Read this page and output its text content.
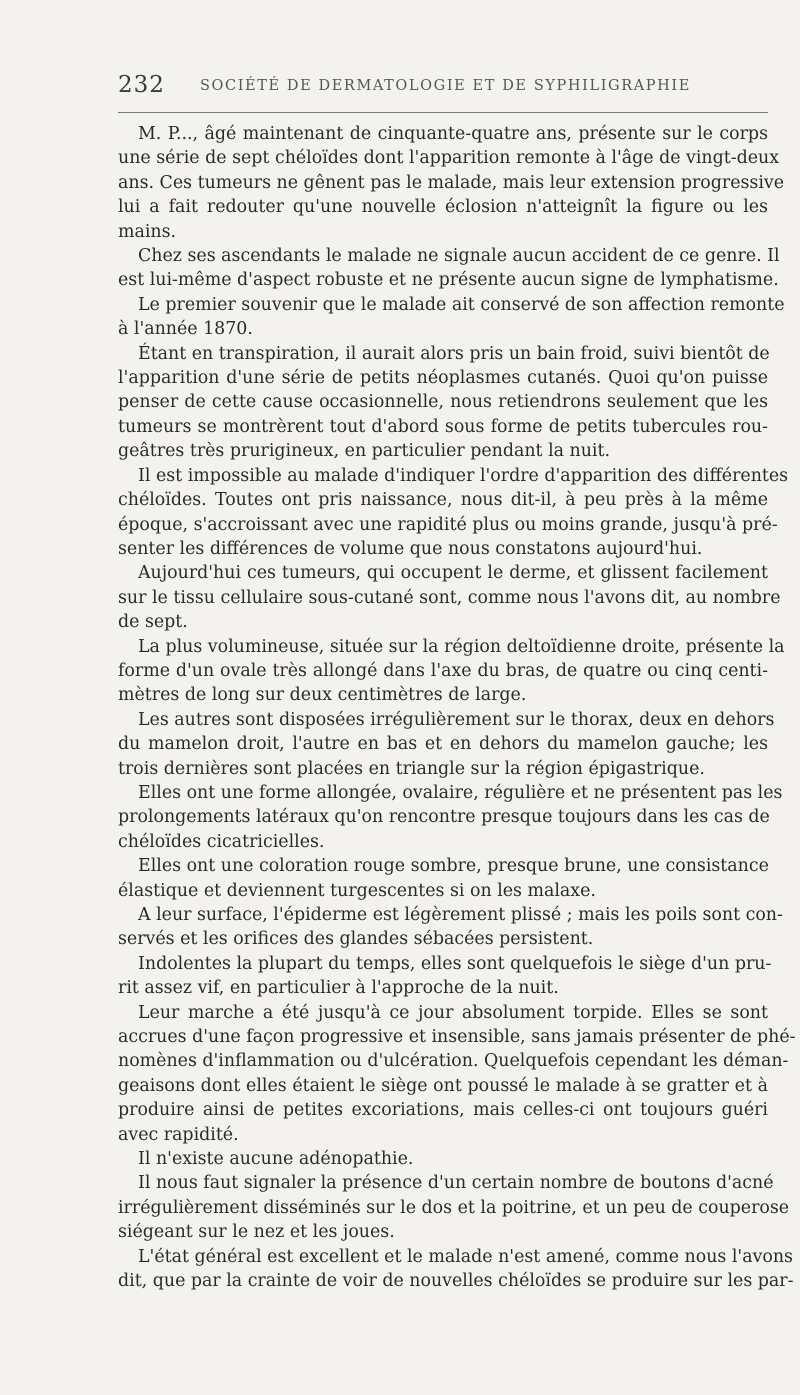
232 SOCIÉTÉ DE DERMATOLOGIE ET DE SYPHILIGRAPHIE

M. P..., âgé maintenant de cinquante-quatre ans, présente sur le corps
une série de sept chéloïdes dont l'apparition remonte à l'âge de vingt-deux
ans. Ces tumeurs ne gênent pas le malade, mais leur extension progressive
lui a fait redouter qu'une nouvelle éclosion n'atteignît la figure ou les
mains.

Chez ses ascendants le malade ne signale aucun accident de ce genre. Il
est lui-même d'aspect robuste et ne présente aucun signe de lymphatisme.

Le premier souvenir que le malade ait conservé de son affection remonte
à l'année 1870.

Étant en transpiration, il aurait alors pris un bain froid, suivi bientôt de
l'apparition d'une série de petits néoplasmes cutanés. Quoi qu'on puisse
penser de cette cause occasionnelle, nous retiendrons seulement que les
tumeurs se montrèrent tout d'abord sous forme de petits tubercules rou-
geâtres très prurigineux, en particulier pendant la nuit.

Il est impossible au malade d'indiquer l'ordre d'apparition des différentes
chéloïdes. Toutes ont pris naissance, nous dit-il, à peu près à la même
époque, s'accroissant avec une rapidité plus ou moins grande, jusqu'à pré-
senter les différences de volume que nous constatons aujourd'hui.

Aujourd'hui ces tumeurs, qui occupent le derme, et glissent facilement
sur le tissu cellulaire sous-cutané sont, comme nous l'avons dit, au nombre
de sept.

La plus volumineuse, située sur la région deltoïdienne droite, présente la
forme d'un ovale très allongé dans l'axe du bras, de quatre ou cinq centi-
mètres de long sur deux centimètres de large.

Les autres sont disposées irrégulièrement sur le thorax, deux en dehors
du mamelon droit, l'autre en bas et en dehors du mamelon gauche; les
trois dernières sont placées en triangle sur la région épigastrique.

Elles ont une forme allongée, ovalaire, régulière et ne présentent pas les
prolongements latéraux qu'on rencontre presque toujours dans les cas de
chéloïdes cicatricielles.

Elles ont une coloration rouge sombre, presque brune, une consistance
élastique et deviennent turgescentes si on les malaxe.

A leur surface, l'épiderme est légèrement plissé ; mais les poils sont con-
servés et les orifices des glandes sébacées persistent.

Indolentes la plupart du temps, elles sont quelquefois le siège d'un pru-
rit assez vif, en particulier à l'approche de la nuit.

Leur marche a été jusqu'à ce jour absolument torpide. Elles se sont
accrues d'une façon progressive et insensible, sans jamais présenter de phé-
nomènes d'inflammation ou d'ulcération. Quelquefois cependant les déman-
geaisons dont elles étaient le siège ont poussé le malade à se gratter et à
produire ainsi de petites excoriations, mais celles-ci ont toujours guéri
avec rapidité.

Il n'existe aucune adénopathie.

Il nous faut signaler la présence d'un certain nombre de boutons d'acné
irrégulièrement disséminés sur le dos et la poitrine, et un peu de couperose
siégeant sur le nez et les joues.

L'état général est excellent et le malade n'est amené, comme nous l'avons
dit, que par la crainte de voir de nouvelles chéloïdes se produire sur les par-
